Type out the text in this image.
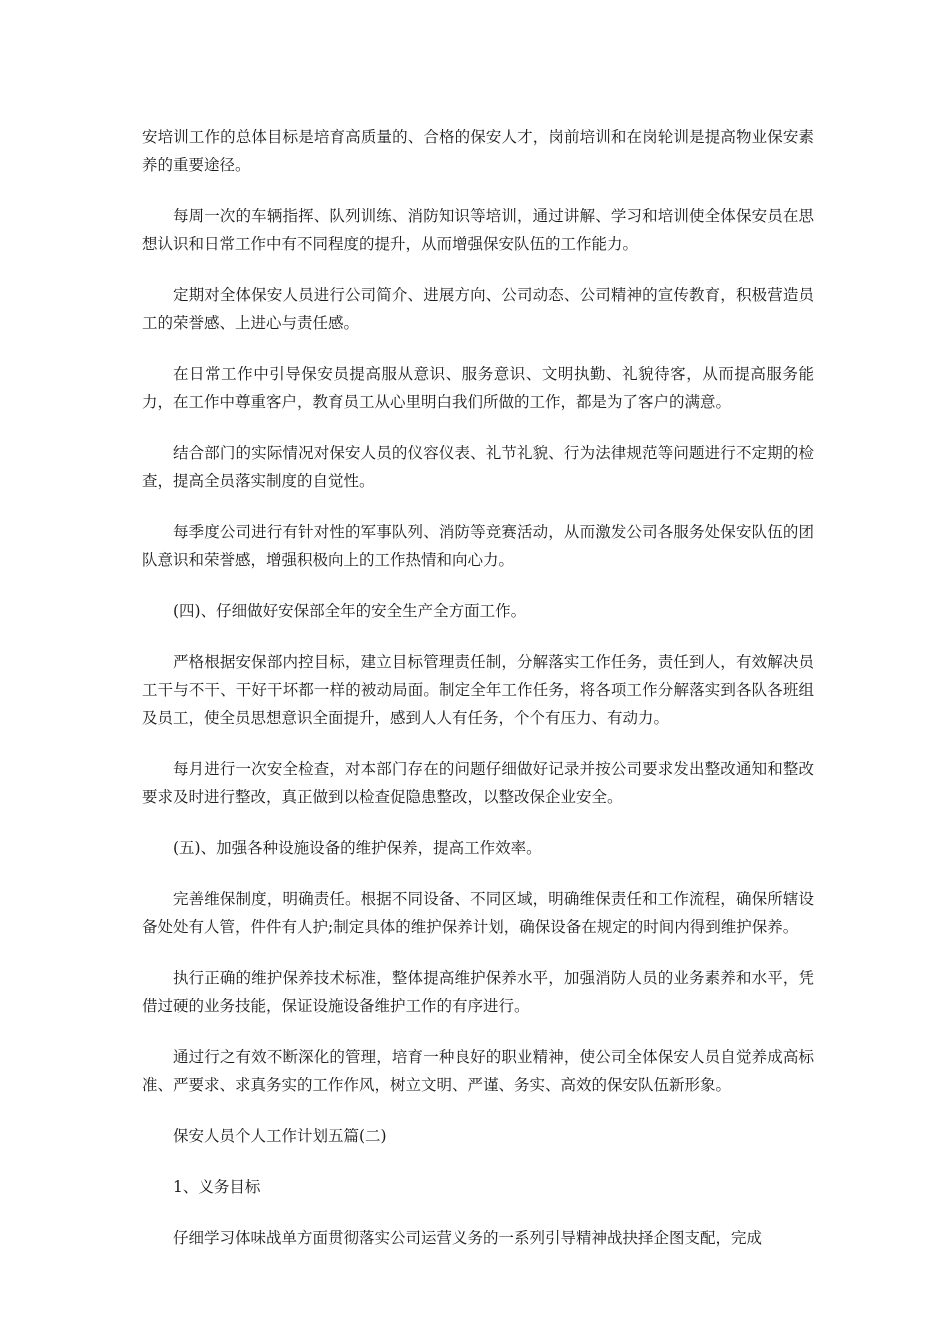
安培训工作的总体目标是培育高质量的、合格的保安人才，岗前培训和在岗轮训是提高物业保安素养的重要途径。

每周一次的车辆指挥、队列训练、消防知识等培训，通过讲解、学习和培训使全体保安员在思想认识和日常工作中有不同程度的提升，从而增强保安队伍的工作能力。

定期对全体保安人员进行公司简介、进展方向、公司动态、公司精神的宣传教育，积极营造员工的荣誉感、上进心与责任感。

在日常工作中引导保安员提高服从意识、服务意识、文明执勤、礼貌待客，从而提高服务能力，在工作中尊重客户，教育员工从心里明白我们所做的工作，都是为了客户的满意。

结合部门的实际情况对保安人员的仪容仪表、礼节礼貌、行为法律规范等问题进行不定期的检查，提高全员落实制度的自觉性。

每季度公司进行有针对性的军事队列、消防等竞赛活动，从而激发公司各服务处保安队伍的团队意识和荣誉感，增强积极向上的工作热情和向心力。

(四)、仔细做好安保部全年的安全生产全方面工作。

严格根据安保部内控目标，建立目标管理责任制，分解落实工作任务，责任到人，有效解决员工干与不干、干好干坏都一样的被动局面。制定全年工作任务，将各项工作分解落实到各队各班组及员工，使全员思想意识全面提升，感到人人有任务，个个有压力、有动力。

每月进行一次安全检查，对本部门存在的问题仔细做好记录并按公司要求发出整改通知和整改要求及时进行整改，真正做到以检查促隐患整改，以整改保企业安全。

(五)、加强各种设施设备的维护保养，提高工作效率。

完善维保制度，明确责任。根据不同设备、不同区域，明确维保责任和工作流程，确保所辖设备处处有人管，件件有人护;制定具体的维护保养计划，确保设备在规定的时间内得到维护保养。

执行正确的维护保养技术标准，整体提高维护保养水平，加强消防人员的业务素养和水平，凭借过硬的业务技能，保证设施设备维护工作的有序进行。

通过行之有效不断深化的管理，培育一种良好的职业精神，使公司全体保安人员自觉养成高标准、严要求、求真务实的工作作风，树立文明、严谨、务实、高效的保安队伍新形象。

保安人员个人工作计划五篇(二)

1、义务目标

仔细学习体味战单方面贯彻落实公司运营义务的一系列引导精神战抉择企图支配，完成
